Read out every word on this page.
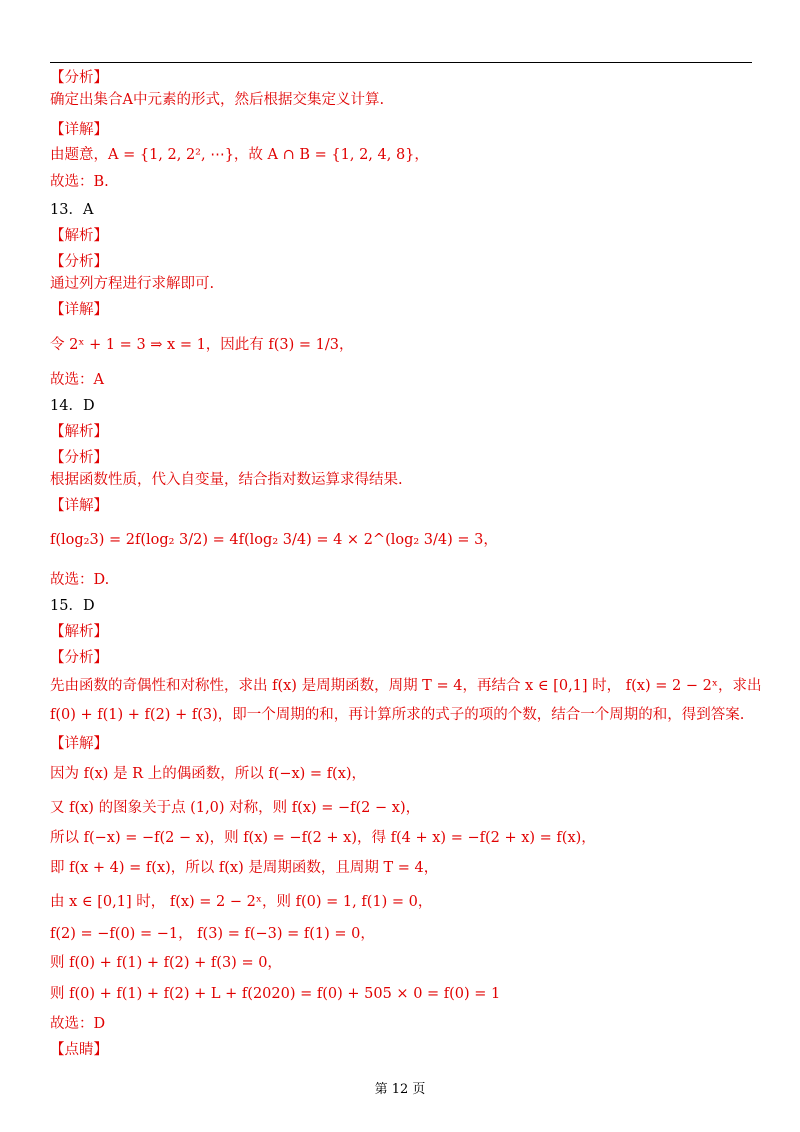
【分析】
确定出集合A中元素的形式，然后根据交集定义计算.
【详解】
由题意，A = {1, 2, 2², ⋯}，故 A ∩ B = {1, 2, 4, 8}，
故选：B.
13．A
【解析】
【分析】
通过列方程进行求解即可.
【详解】
令 2ˣ + 1 = 3 ⇒ x = 1，因此有 f(3) = 1/3，
故选：A
14．D
【解析】
【分析】
根据函数性质，代入自变量，结合指对数运算求得结果.
【详解】
f(log₂3) = 2f(log₂ 3/2) = 4f(log₂ 3/4) = 4 × 2^(log₂ 3/4) = 3，
故选：D.
15．D
【解析】
【分析】
先由函数的奇偶性和对称性，求出 f(x) 是周期函数，周期 T = 4，再结合 x ∈ [0,1] 时， f(x) = 2 − 2ˣ，求出
f(0) + f(1) + f(2) + f(3)，即一个周期的和，再计算所求的式子的项的个数，结合一个周期的和，得到答案.
【详解】
因为 f(x) 是 R 上的偶函数，所以 f(−x) = f(x)，
又 f(x) 的图象关于点 (1,0) 对称，则 f(x) = −f(2 − x)，
所以 f(−x) = −f(2 − x)，则 f(x) = −f(2 + x)，得 f(4 + x) = −f(2 + x) = f(x)，
即 f(x + 4) = f(x)，所以 f(x) 是周期函数，且周期 T = 4，
由 x ∈ [0,1] 时， f(x) = 2 − 2ˣ，则 f(0) = 1, f(1) = 0，
f(2) = −f(0) = −1， f(3) = f(−3) = f(1) = 0，
则 f(0) + f(1) + f(2) + f(3) = 0，
则 f(0) + f(1) + f(2) + L + f(2020) = f(0) + 505 × 0 = f(0) = 1
故选：D
【点睛】
第 12 页
